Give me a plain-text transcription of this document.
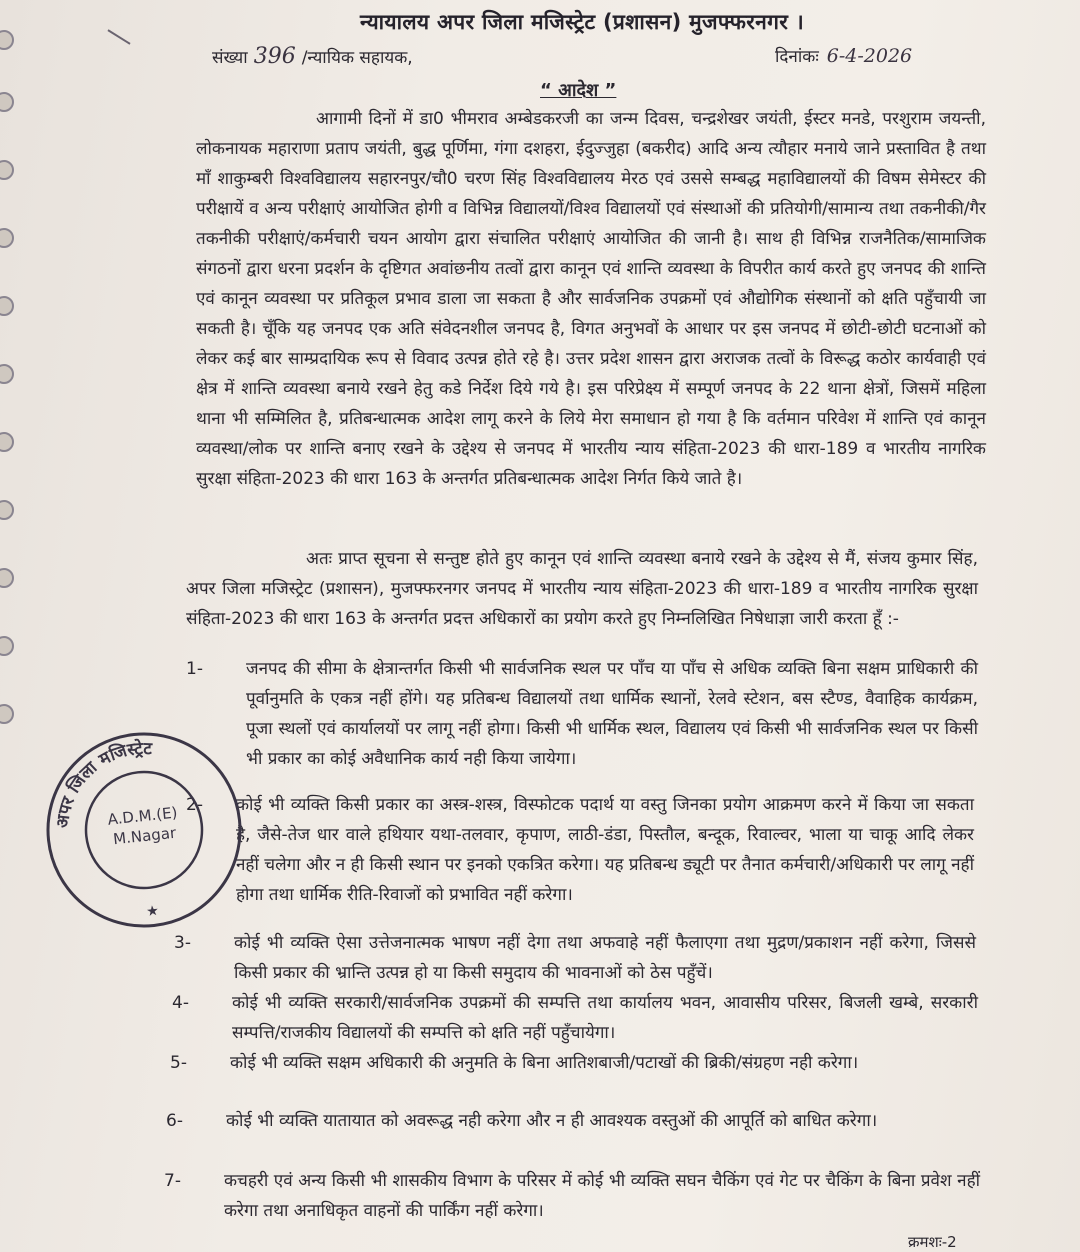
न्यायालय अपर जिला मजिस्ट्रेट (प्रशासन) मुजफ्फरनगर ।
संख्या 396 /न्यायिक सहायक,	दिनांकः 6-4-2026
“ आदेश ”
आगामी दिनों में डा0 भीमराव अम्बेडकरजी का जन्म दिवस, चन्द्रशेखर जयंती, ईस्टर मनडे, परशुराम जयन्ती, लोकनायक महाराणा प्रताप जयंती, बुद्ध पूर्णिमा, गंगा दशहरा, ईदुज्जुहा (बकरीद) आदि अन्य त्यौहार मनाये जाने प्रस्तावित है तथा माँ शाकुम्बरी विश्वविद्यालय सहारनपुर/चौ0 चरण सिंह विश्वविद्यालय मेरठ एवं उससे सम्बद्ध महाविद्यालयों की विषम सेमेस्टर की परीक्षायें व अन्य परीक्षाएं आयोजित होगी व विभिन्न विद्यालयों/विश्व विद्यालयों एवं संस्थाओं की प्रतियोगी/सामान्य तथा तकनीकी/गैर तकनीकी परीक्षाएं/कर्मचारी चयन आयोग द्वारा संचालित परीक्षाएं आयोजित की जानी है। साथ ही विभिन्न राजनैतिक/सामाजिक संगठनों द्वारा धरना प्रदर्शन के दृष्टिगत अवांछनीय तत्वों द्वारा कानून एवं शान्ति व्यवस्था के विपरीत कार्य करते हुए जनपद की शान्ति एवं कानून व्यवस्था पर प्रतिकूल प्रभाव डाला जा सकता है और सार्वजनिक उपक्रमों एवं औद्योगिक संस्थानों को क्षति पहुँचायी जा सकती है। चूँकि यह जनपद एक अति संवेदनशील जनपद है, विगत अनुभवों के आधार पर इस जनपद में छोटी-छोटी घटनाओं को लेकर कई बार साम्प्रदायिक रूप से विवाद उत्पन्न होते रहे है। उत्तर प्रदेश शासन द्वारा अराजक तत्वों के विरूद्ध कठोर कार्यवाही एवं क्षेत्र में शान्ति व्यवस्था बनाये रखने हेतु कडे निर्देश दिये गये है। इस परिप्रेक्ष्य में सम्पूर्ण जनपद के 22 थाना क्षेत्रों, जिसमें महिला थाना भी सम्मिलित है, प्रतिबन्धात्मक आदेश लागू करने के लिये मेरा समाधान हो गया है कि वर्तमान परिवेश में शान्ति एवं कानून व्यवस्था/लोक पर शान्ति बनाए रखने के उद्देश्य से जनपद में भारतीय न्याय संहिता-2023 की धारा-189 व भारतीय नागरिक सुरक्षा संहिता-2023 की धारा 163 के अन्तर्गत प्रतिबन्धात्मक आदेश निर्गत किये जाते है।
अतः प्राप्त सूचना से सन्तुष्ट होते हुए कानून एवं शान्ति व्यवस्था बनाये रखने के उद्देश्य से मैं, संजय कुमार सिंह, अपर जिला मजिस्ट्रेट (प्रशासन), मुजफ्फरनगर जनपद में भारतीय न्याय संहिता-2023 की धारा-189 व भारतीय नागरिक सुरक्षा संहिता-2023 की धारा 163 के अन्तर्गत प्रदत्त अधिकारों का प्रयोग करते हुए निम्नलिखित निषेधाज्ञा जारी करता हूँ :-
1-	जनपद की सीमा के क्षेत्रान्तर्गत किसी भी सार्वजनिक स्थल पर पाँच या पाँच से अधिक व्यक्ति बिना सक्षम प्राधिकारी की पूर्वानुमति के एकत्र नहीं होंगे। यह प्रतिबन्ध विद्यालयों तथा धार्मिक स्थानों, रेलवे स्टेशन, बस स्टैण्ड, वैवाहिक कार्यक्रम, पूजा स्थलों एवं कार्यालयों पर लागू नहीं होगा। किसी भी धार्मिक स्थल, विद्यालय एवं किसी भी सार्वजनिक स्थल पर किसी भी प्रकार का कोई अवैधानिक कार्य नही किया जायेगा।
2-	कोई भी व्यक्ति किसी प्रकार का अस्त्र-शस्त्र, विस्फोटक पदार्थ या वस्तु जिनका प्रयोग आक्रमण करने में किया जा सकता है, जैसे-तेज धार वाले हथियार यथा-तलवार, कृपाण, लाठी-डंडा, पिस्तौल, बन्दूक, रिवाल्वर, भाला या चाकू आदि लेकर नहीं चलेगा और न ही किसी स्थान पर इनको एकत्रित करेगा। यह प्रतिबन्ध ड्यूटी पर तैनात कर्मचारी/अधिकारी पर लागू नहीं होगा तथा धार्मिक रीति-रिवाजों को प्रभावित नहीं करेगा।
3-	कोई भी व्यक्ति ऐसा उत्तेजनात्मक भाषण नहीं देगा तथा अफवाहे नहीं फैलाएगा तथा मुद्रण/प्रकाशन नहीं करेगा, जिससे किसी प्रकार की भ्रान्ति उत्पन्न हो या किसी समुदाय की भावनाओं को ठेस पहुँचें।
4-	कोई भी व्यक्ति सरकारी/सार्वजनिक उपक्रमों की सम्पत्ति तथा कार्यालय भवन, आवासीय परिसर, बिजली खम्बे, सरकारी सम्पत्ति/राजकीय विद्यालयों की सम्पत्ति को क्षति नहीं पहुँचायेगा।
5-	कोई भी व्यक्ति सक्षम अधिकारी की अनुमति के बिना आतिशबाजी/पटाखों की ब्रिकी/संग्रहण नही करेगा।
6-	कोई भी व्यक्ति यातायात को अवरूद्ध नही करेगा और न ही आवश्यक वस्तुओं की आपूर्ति को बाधित करेगा।
7-	कचहरी एवं अन्य किसी भी शासकीय विभाग के परिसर में कोई भी व्यक्ति सघन चैकिंग एवं गेट पर चैकिंग के बिना प्रवेश नहीं करेगा तथा अनाधिकृत वाहनों की पार्किंग नहीं करेगा।
क्रमशः-2
अपर जिला मजिस्ट्रेट
★
A.D.M.(E)
M.Nagar
